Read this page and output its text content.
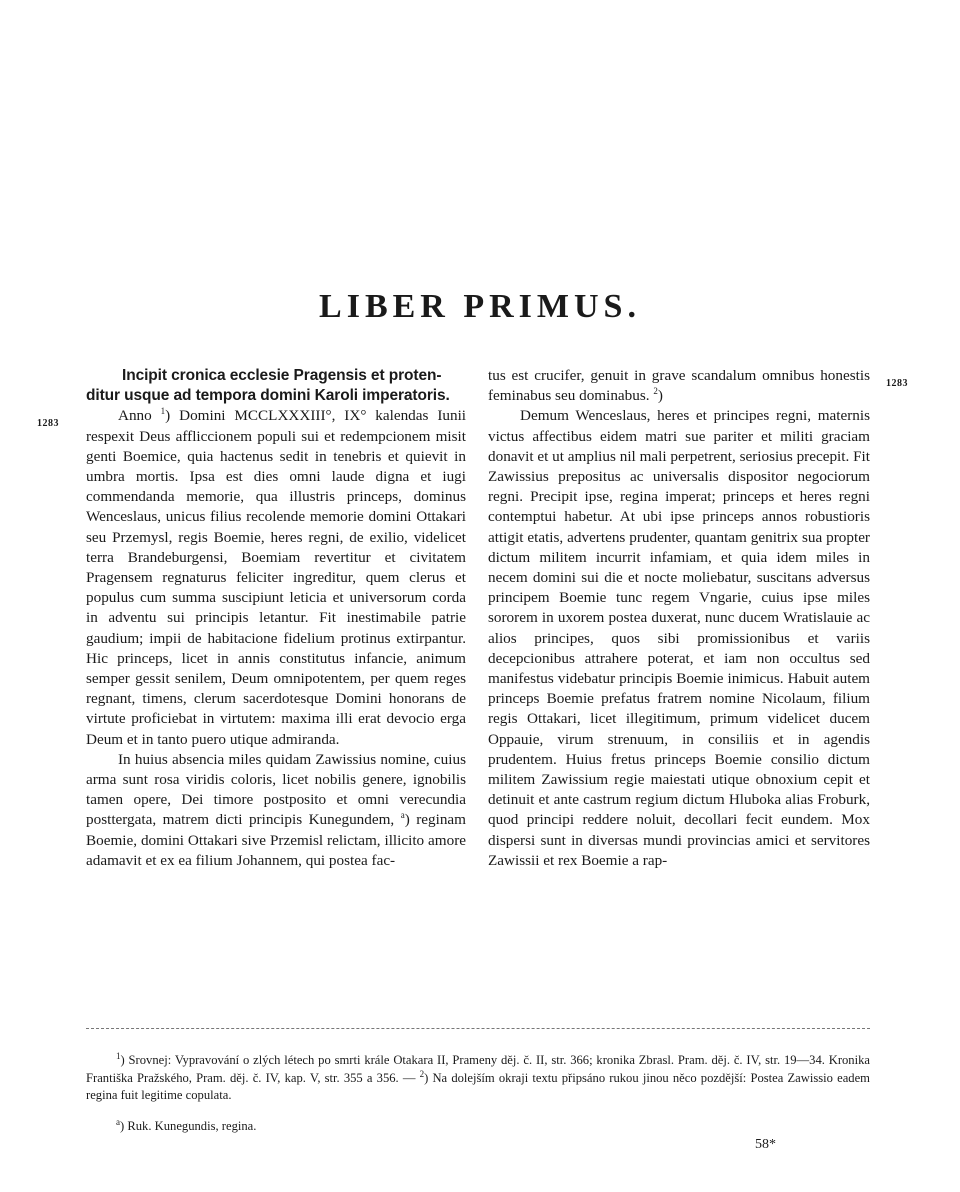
LIBER PRIMUS.
1283
1283
Incipit cronica ecclesie Pragensis et proten-
ditur usque ad tempora domini Karoli imperatoris.

Anno $^1$) Domini MCCLXXXIII°, IX° kalendas Iunii respexit Deus affliccionem populi sui et redempcionem misit genti Boemice, quia hactenus sedit in tenebris et quievit in umbra mortis. Ipsa est dies omni laude digna et iugi commendanda memorie, qua illustris princeps, dominus Wenceslaus, unicus filius recolende memorie domini Ottakari seu Przemysl, regis Boemie, heres regni, de exilio, videlicet terra Brandeburgensi, Boemiam revertitur et civitatem Pragensem regnaturus feliciter ingreditur, quem clerus et populus cum summa suscipiunt leticia et universorum corda in adventu sui principis letantur. Fit inestimabile patrie gaudium; impii de habitacione fidelium protinus extirpantur. Hic princeps, licet in annis constitutus infancie, animum semper gessit senilem, Deum omnipotentem, per quem reges regnant, timens, clerum sacerdotesque Domini honorans de virtute proficiebat in virtutem: maxima illi erat devocio erga Deum et in tanto puero utique admiranda.

In huius absencia miles quidam Zawissius nomine, cuius arma sunt rosa viridis coloris, licet nobilis genere, ignobilis tamen opere, Dei timore postposito et omni verecundia posttergata, matrem dicti principis Kunegundem, $^a$) reginam Boemie, domini Ottakari sive Przemisl relictam, illicito amore adamavit et ex ea filium Johannem, qui postea fac-

tus est crucifer, genuit in grave scandalum omnibus honestis feminabus seu dominabus. $^2$)

Demum Wenceslaus, heres et principes regni, maternis victus affectibus eidem matri sue pariter et militi graciam donavit et ut amplius nil mali perpetrent, seriosius precepit. Fit Zawissius prepositus ac universalis dispositor negociorum regni. Precipit ipse, regina imperat; princeps et heres regni contemptui habetur. At ubi ipse princeps annos robustioris attigit etatis, advertens prudenter, quantam genitrix sua propter dictum militem incurrit infamiam, et quia idem miles in necem domini sui die et nocte moliebatur, suscitans adversus principem Boemie tunc regem Vngarie, cuius ipse miles sororem in uxorem postea duxerat, nunc ducem Wratislauie ac alios principes, quos sibi promissionibus et variis decepcionibus attrahere poterat, et iam non occultus sed manifestus videbatur principis Boemie inimicus. Habuit autem princeps Boemie prefatus fratrem nomine Nicolaum, filium regis Ottakari, licet illegitimum, primum videlicet ducem Oppauie, virum strenuum, in consiliis et in agendis prudentem. Huius fretus princeps Boemie consilio dictum militem Zawissium regie maiestati utique obnoxium cepit et detinuit et ante castrum regium dictum Hluboka alias Froburk, quod principi reddere noluit, decollari fecit eundem. Mox dispersi sunt in diversas mundi provincias amici et servitores Zawissii et rex Boemie a rap-

$^1$) Srovnej: Vypravování o zlých létech po smrti krále Otakara II, Prameny děj. č. II, str. 366; kronika Zbrasl. Pram. děj. č. IV, str. 19—34. Kronika Františka Pražského, Pram. děj. č. IV, kap. V, str. 355 a 356. — $^2$) Na dolejším okraji textu připsáno rukou jinou něco pozdější: Postea Zawissio eadem regina fuit legitime copulata.

$^a$) Ruk. Kunegundis, regina.

58*
